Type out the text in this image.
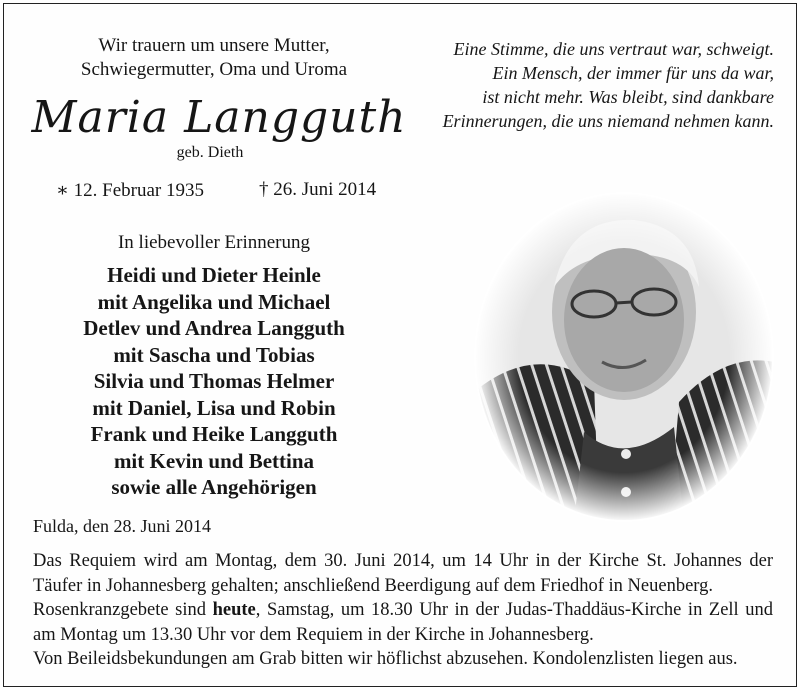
Wir trauern um unsere Mutter,
Schwiegermutter, Oma und Uroma
Maria Langguth
geb. Dieth
∗ 12. Februar 1935	† 26. Juni 2014
Eine Stimme, die uns vertraut war, schweigt.
Ein Mensch, der immer für uns da war,
ist nicht mehr. Was bleibt, sind dankbare
Erinnerungen, die uns niemand nehmen kann.
In liebevoller Erinnerung
Heidi und Dieter Heinle
mit Angelika und Michael
Detlev und Andrea Langguth
mit Sascha und Tobias
Silvia und Thomas Helmer
mit Daniel, Lisa und Robin
Frank und Heike Langguth
mit Kevin und Bettina
sowie alle Angehörigen
Fulda, den 28. Juni 2014

Das Requiem wird am Montag, dem 30. Juni 2014, um 14 Uhr in der Kirche St. Johannes der Täufer in Johannesberg gehalten; anschließend Beerdigung auf dem Friedhof in Neuenberg.

Rosenkranzgebete sind heute, Samstag, um 18.30 Uhr in der Judas-Thaddäus-Kirche in Zell und am Montag um 13.30 Uhr vor dem Requiem in der Kirche in Johannesberg.

Von Beileidsbekundungen am Grab bitten wir höflichst abzusehen. Kondolenzlisten liegen aus.
